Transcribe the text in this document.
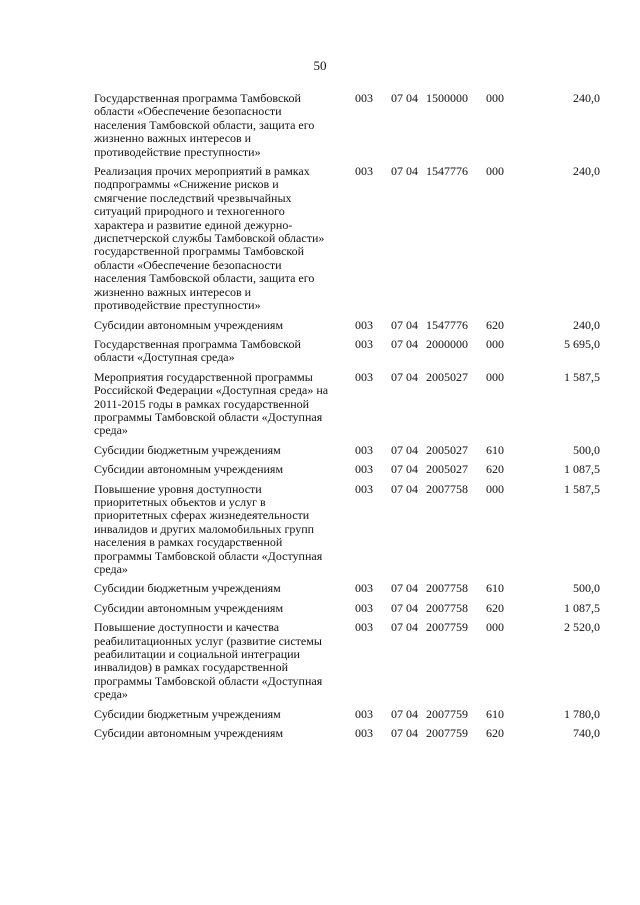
50
Государственная программа Тамбовской области «Обеспечение безопасности населения Тамбовской области, защита его жизненно важных интересов и противодействие преступности»	003	07 04	1500000	000	240,0
Реализация прочих мероприятий в рамках подпрограммы «Снижение рисков и смягчение последствий чрезвычайных ситуаций природного и техногенного характера и развитие единой дежурно-диспетчерской службы Тамбовской области» государственной программы Тамбовской области «Обеспечение безопасности населения Тамбовской области, защита его жизненно важных интересов и противодействие преступности»	003	07 04	1547776	000	240,0
Субсидии автономным учреждениям	003	07 04	1547776	620	240,0
Государственная программа Тамбовской области «Доступная среда»	003	07 04	2000000	000	5 695,0
Мероприятия государственной программы Российской Федерации «Доступная среда» на 2011-2015 годы в рамках государственной программы Тамбовской области «Доступная среда»	003	07 04	2005027	000	1 587,5
Субсидии бюджетным учреждениям	003	07 04	2005027	610	500,0
Субсидии автономным учреждениям	003	07 04	2005027	620	1 087,5
Повышение уровня доступности приоритетных объектов и услуг в приоритетных сферах жизнедеятельности инвалидов и других маломобильных групп населения в рамках государственной программы Тамбовской области «Доступная среда»	003	07 04	2007758	000	1 587,5
Субсидии бюджетным учреждениям	003	07 04	2007758	610	500,0
Субсидии автономным учреждениям	003	07 04	2007758	620	1 087,5
Повышение доступности и качества реабилитационных услуг (развитие системы реабилитации и социальной интеграции инвалидов) в рамках государственной программы Тамбовской области «Доступная среда»	003	07 04	2007759	000	2 520,0
Субсидии бюджетным учреждениям	003	07 04	2007759	610	1 780,0
Субсидии автономным учреждениям	003	07 04	2007759	620	740,0
